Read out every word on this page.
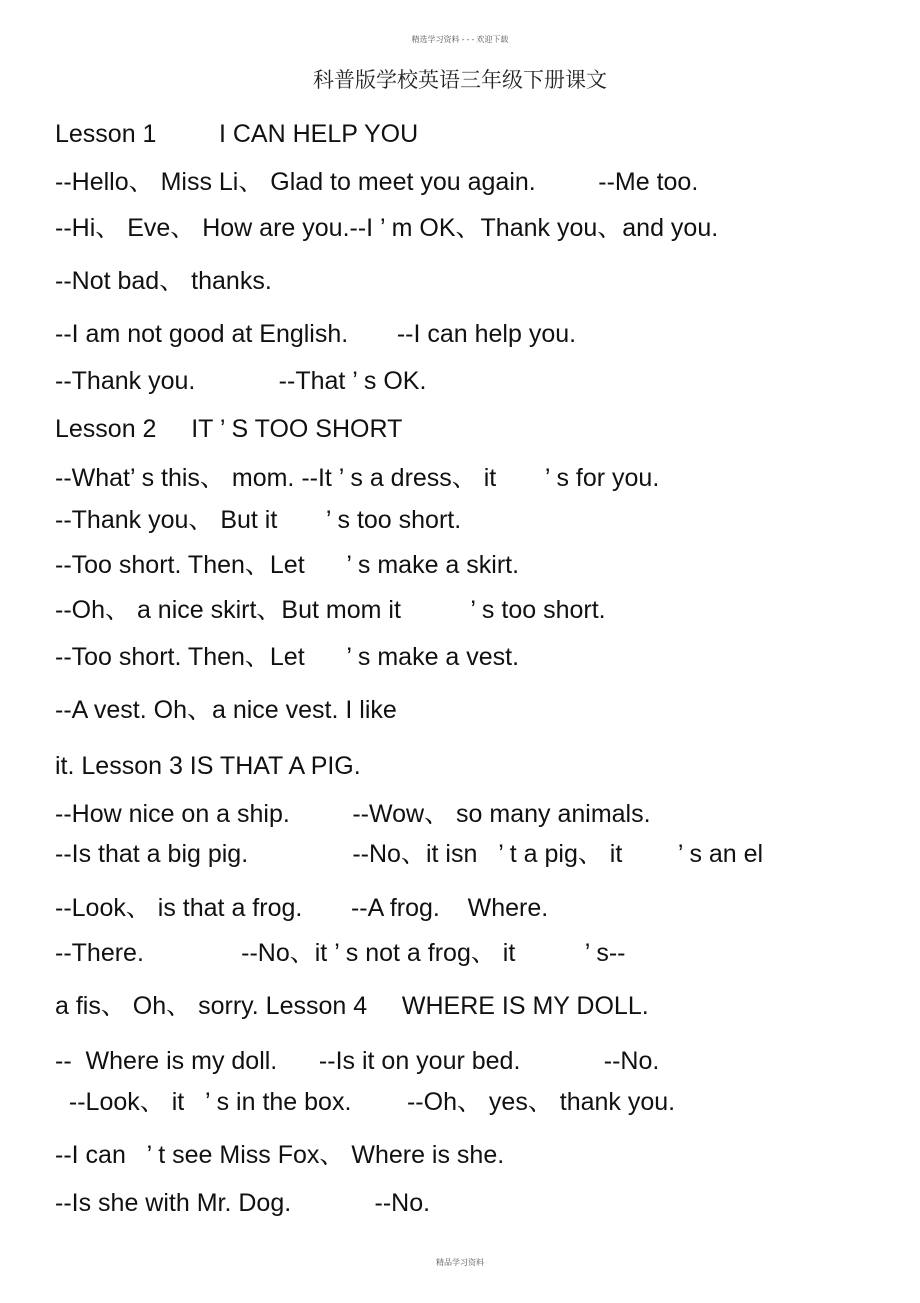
精选学习资料 - - - 欢迎下载
科普版学校英语三年级下册课文
Lesson 1         I CAN HELP YOU
--Hello、 Miss Li、 Glad to meet you again.         --Me too.
--Hi、 Eve、 How are you.--I ’ m OK、Thank you、and you.
--Not bad、 thanks.
--I am not good at English.       --I can help you.
--Thank you.            --That ’ s OK.
Lesson 2     IT ’ S TOO SHORT
--What’ s this、 mom. --It ’ s a dress、 it       ’ s for you.
--Thank you、 But it       ’ s too short.
--Too short. Then、Let      ’ s make a skirt.
--Oh、 a nice skirt、But mom it          ’ s too short.
--Too short. Then、Let      ’ s make a vest.
--A vest. Oh、a nice vest. I like
it. Lesson 3 IS THAT A PIG.
--How nice on a ship.         --Wow、 so many animals.
--Is that a big pig.               --No、it isn   ’ t a pig、 it        ’ s an el
--Look、 is that a frog.       --A frog.    Where.
--There.              --No、it ’ s not a frog、 it          ’ s--
a fis、 Oh、 sorry. Lesson 4     WHERE IS MY DOLL.
--  Where is my doll.      --Is it on your bed.            --No.
--Look、 it   ’ s in the box.        --Oh、 yes、 thank you.
--I can   ’ t see Miss Fox、 Where is she.
--Is she with Mr. Dog.            --No.
精品学习资料
